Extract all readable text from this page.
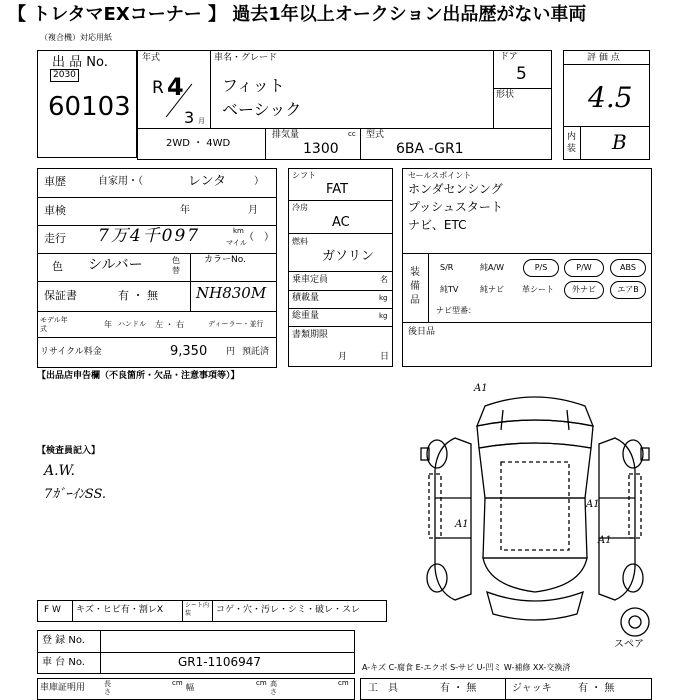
【 トレタマEXコーナー 】 過去1年以上オークション出品歴がない車両
（複合機）対応用紙
出 品 No.
2030
60103
年式
R 4
3 月
車名・グレード
フィット
ベーシック
ドア
5
形状
2WD ・ 4WD
排気量	cc
1300
型式
6BA -GR1
評 価 点
4.5
内装 B
車歴	自家用・（	レンタ	）
車検	年	月
走行 7万4千097	km
マイル
（　）
色 シルバー	色替
カラーNo.
保証書	有 ・ 無	NH830M
モデル年式	年 ハンドル 左 ・ 右	ディーラー・並行
リサイクル料金	9,350 円 預託済
シフト
FAT
冷房
AC
燃料
ガソリン
乗車定員	名
積載量	kg
総重量	kg
書類期限
月	日
セールスポイント
ホンダセンシング
プッシュスタート
ナビ、ETC
装備品
S/R	純A/W	P/S	P/W	ABS
純TV	純ナビ 革シート	外ナビ	エアB
ナビ型番：
後日品
【出品店申告欄（不良箇所・欠品・注意事項等）】
【検査員記入】
A.W.
7ｶﾞｰｲﾝSS.
A1
A1
A1
A1
スペア
F W キズ・ヒビ有・割レX	シート内装	コゲ・穴・汚レ・シミ・破レ・スレ
登 録 No.
車 台 No.	GR1-1106947
車庫証明用	長さ
cm 幅	cm 高さ
cm
A-キズ C-腐食 E-エクボ S-サビ U-凹ミ W-補修 XX-交換済
工　具	有 ・ 無	ジャッキ	有 ・ 無
